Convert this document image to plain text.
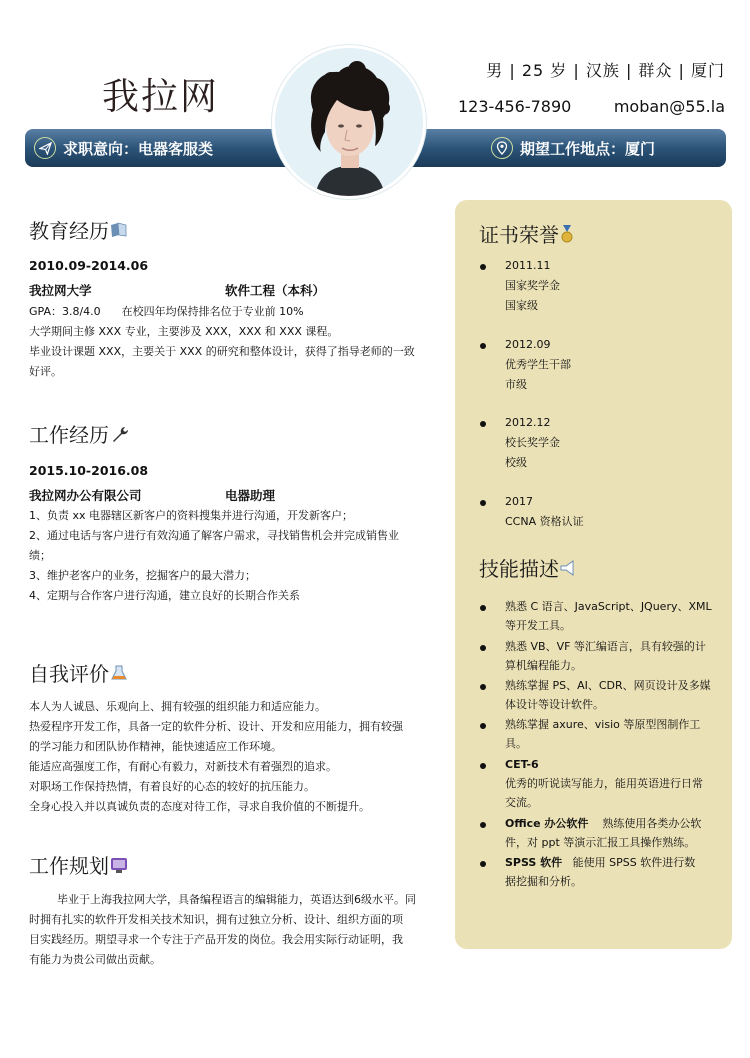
我拉网
男 | 25 岁 | 汉族 | 群众 | 厦门
123-456-7890	moban@55.la
求职意向：电器客服类	期望工作地点：厦门
教育经历
2010.09-2014.06
我拉网大学	软件工程（本科）
GPA：3.8/4.0      在校四年均保持排名位于专业前 10%
大学期间主修 XXX 专业，主要涉及 XXX，XXX 和 XXX 课程。
毕业设计课题 XXX，主要关于 XXX 的研究和整体设计，获得了指导老师的一致
好评。
工作经历
2015.10-2016.08
我拉网办公有限公司	电器助理
1、负责 xx 电器辖区新客户的资料搜集并进行沟通，开发新客户；
2、通过电话与客户进行有效沟通了解客户需求，寻找销售机会并完成销售业
绩；
3、维护老客户的业务，挖掘客户的最大潜力；
4、定期与合作客户进行沟通，建立良好的长期合作关系
自我评价
本人为人诚恳、乐观向上、拥有较强的组织能力和适应能力。
热爱程序开发工作，具备一定的软件分析、设计、开发和应用能力，拥有较强
的学习能力和团队协作精神，能快速适应工作环境。
能适应高强度工作，有耐心有毅力，对新技术有着强烈的追求。
对职场工作保持热情，有着良好的心态的较好的抗压能力。
全身心投入并以真诚负责的态度对待工作，寻求自我价值的不断提升。
工作规划
毕业于上海我拉网大学，具备编程语言的编辑能力，英语达到6级水平。同
时拥有扎实的软件开发相关技术知识，拥有过独立分析、设计、组织方面的项
目实践经历。期望寻求一个专注于产品开发的岗位。我会用实际行动证明，我
有能力为贵公司做出贡献。
证书荣誉
2011.11
国家奖学金
国家级
2012.09
优秀学生干部
市级
2012.12
校长奖学金
校级
2017
CCNA 资格认证
技能描述
熟悉 C 语言、JavaScript、JQuery、XML
等开发工具。
熟悉 VB、VF 等汇编语言，具有较强的计
算机编程能力。
熟练掌握 PS、AI、CDR、网页设计及多媒
体设计等设计软件。
熟练掌握 axure、visio 等原型图制作工
具。
CET-6
优秀的听说读写能力，能用英语进行日常
交流。
Office 办公软件    熟练使用各类办公软
件，对 ppt 等演示汇报工具操作熟练。
SPSS 软件   能使用 SPSS 软件进行数
据挖掘和分析。
